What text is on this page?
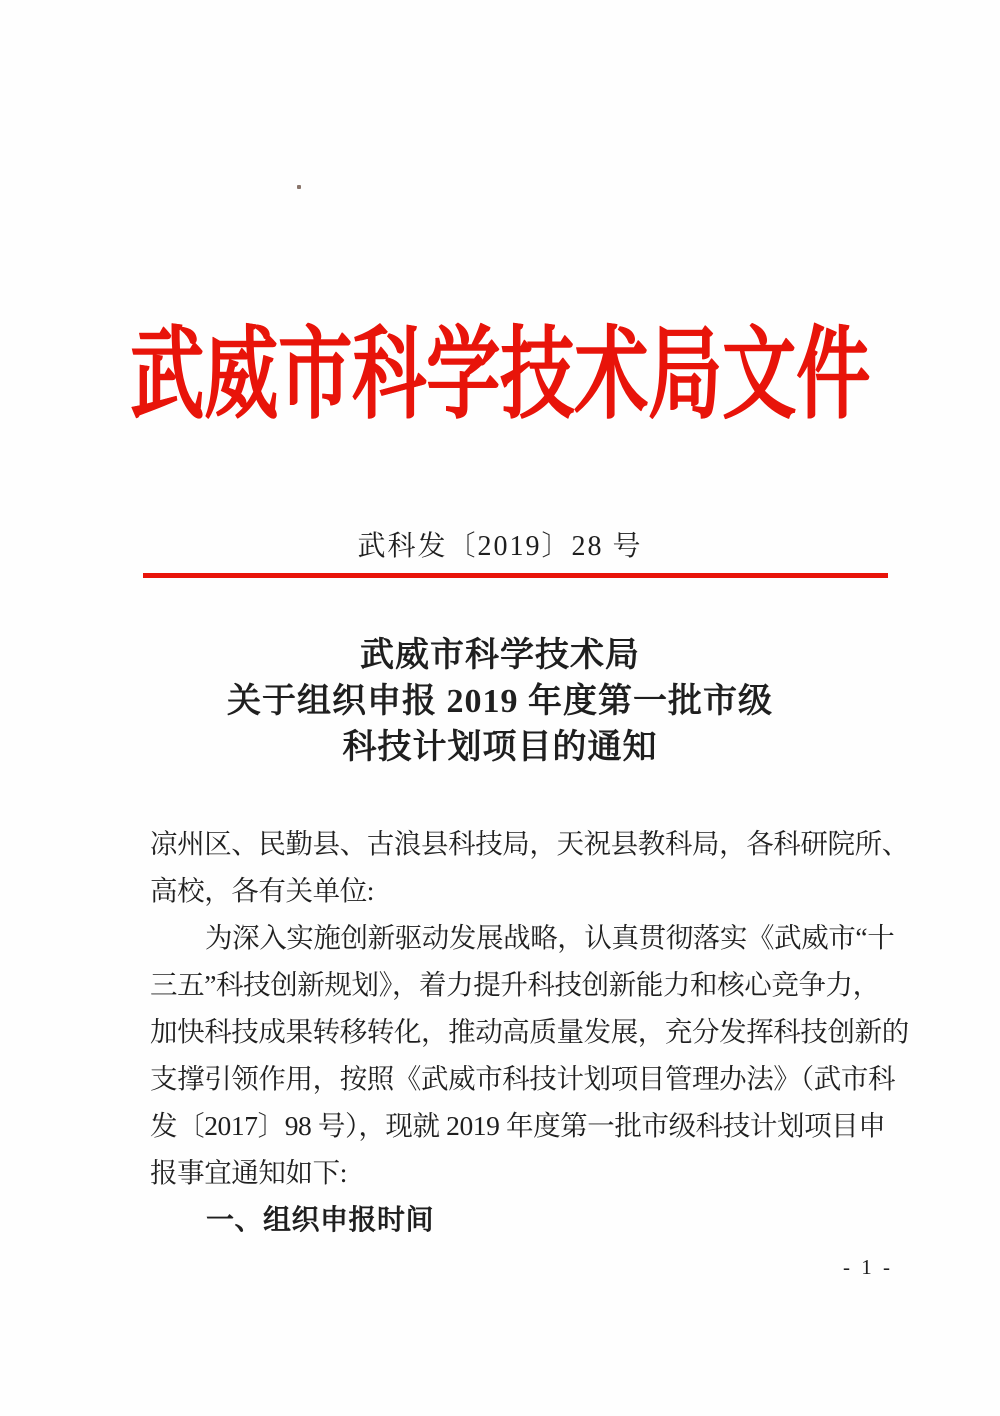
武威市科学技术局文件
武科发〔2019〕28 号
武威市科学技术局
关于组织申报 2019 年度第一批市级
科技计划项目的通知
凉州区、民勤县、古浪县科技局，天祝县教科局，各科研院所、
高校，各有关单位:
为深入实施创新驱动发展战略，认真贯彻落实《武威市“十
三五”科技创新规划》，着力提升科技创新能力和核心竞争力，
加快科技成果转移转化，推动高质量发展，充分发挥科技创新的
支撑引领作用，按照《武威市科技计划项目管理办法》（武市科
发〔2017〕98 号），现就 2019 年度第一批市级科技计划项目申
报事宜通知如下:
一、组织申报时间
- 1 -
